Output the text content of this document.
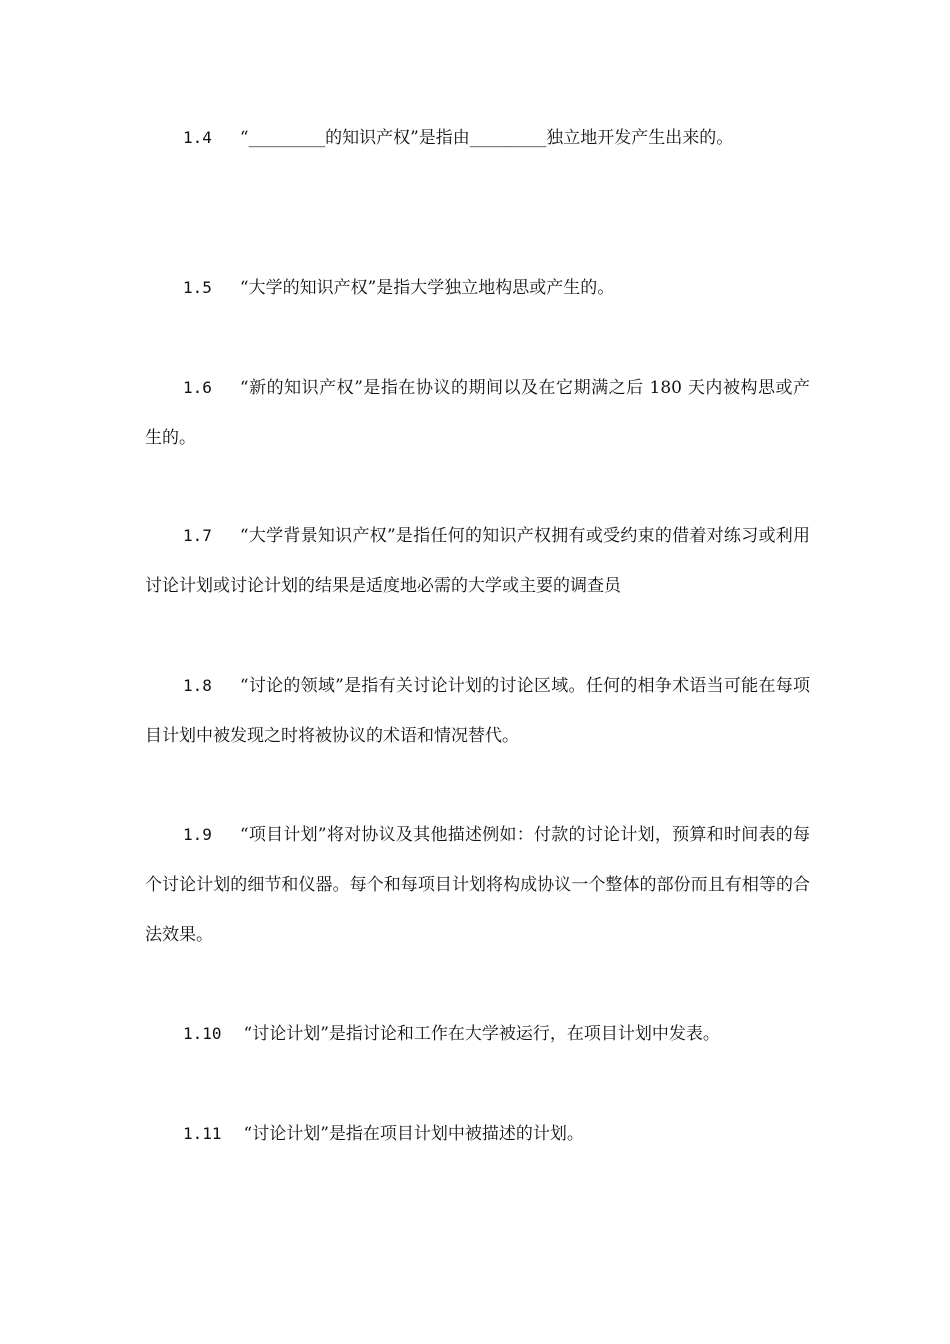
1.4 “_________的知识产权”是指由_________独立地开发产生出来的。

1.5 “大学的知识产权”是指大学独立地构思或产生的。

1.6 “新的知识产权”是指在协议的期间以及在它期满之后 180 天内被构思或产生的。

1.7 “大学背景知识产权”是指任何的知识产权拥有或受约束的借着对练习或利用讨论计划或讨论计划的结果是适度地必需的大学或主要的调查员

1.8 “讨论的领域”是指有关讨论计划的讨论区域。任何的相争术语当可能在每项目计划中被发现之时将被协议的术语和情况替代。

1.9 “项目计划”将对协议及其他描述例如：付款的讨论计划，预算和时间表的每个讨论计划的细节和仪器。每个和每项目计划将构成协议一个整体的部份而且有相等的合法效果。

1.10 “讨论计划”是指讨论和工作在大学被运行，在项目计划中发表。

1.11 “讨论计划”是指在项目计划中被描述的计划。
